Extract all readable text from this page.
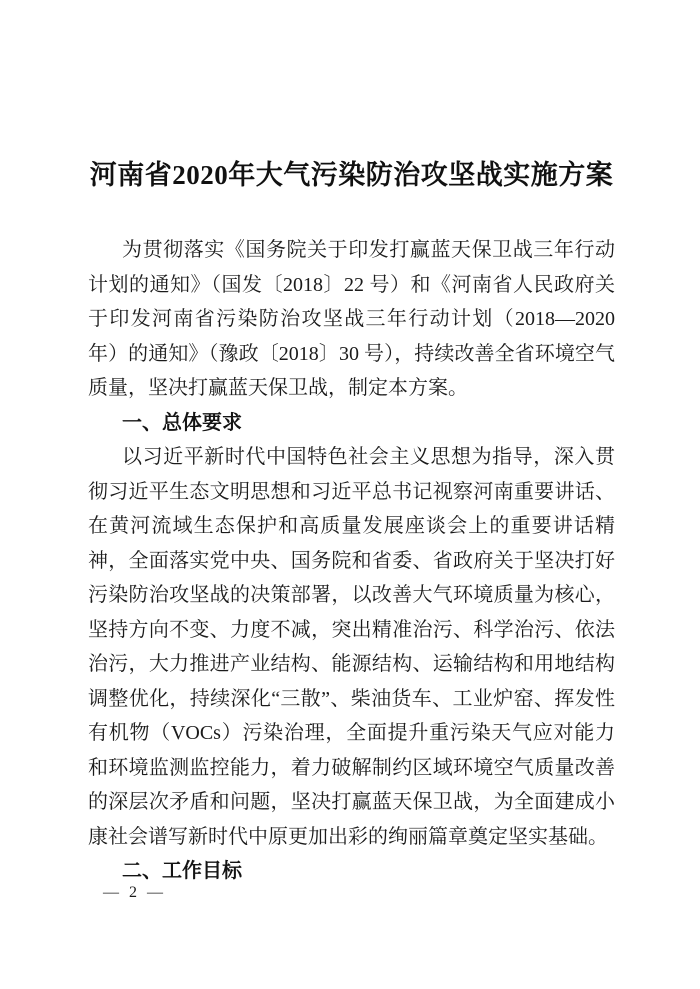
河南省2020年大气污染防治攻坚战实施方案

为贯彻落实《国务院关于印发打赢蓝天保卫战三年行动计划的通知》（国发〔2018〕22 号）和《河南省人民政府关于印发河南省污染防治攻坚战三年行动计划（2018—2020 年）的通知》（豫政〔2018〕30 号），持续改善全省环境空气质量，坚决打赢蓝天保卫战，制定本方案。

一、总体要求

以习近平新时代中国特色社会主义思想为指导，深入贯彻习近平生态文明思想和习近平总书记视察河南重要讲话、在黄河流域生态保护和高质量发展座谈会上的重要讲话精神，全面落实党中央、国务院和省委、省政府关于坚决打好污染防治攻坚战的决策部署，以改善大气环境质量为核心，坚持方向不变、力度不减，突出精准治污、科学治污、依法治污，大力推进产业结构、能源结构、运输结构和用地结构调整优化，持续深化“三散”、柴油货车、工业炉窑、挥发性有机物（VOCs）污染治理，全面提升重污染天气应对能力和环境监测监控能力，着力破解制约区域环境空气质量改善的深层次矛盾和问题，坚决打赢蓝天保卫战，为全面建成小康社会谱写新时代中原更加出彩的绚丽篇章奠定坚实基础。

二、工作目标
— 2 —
